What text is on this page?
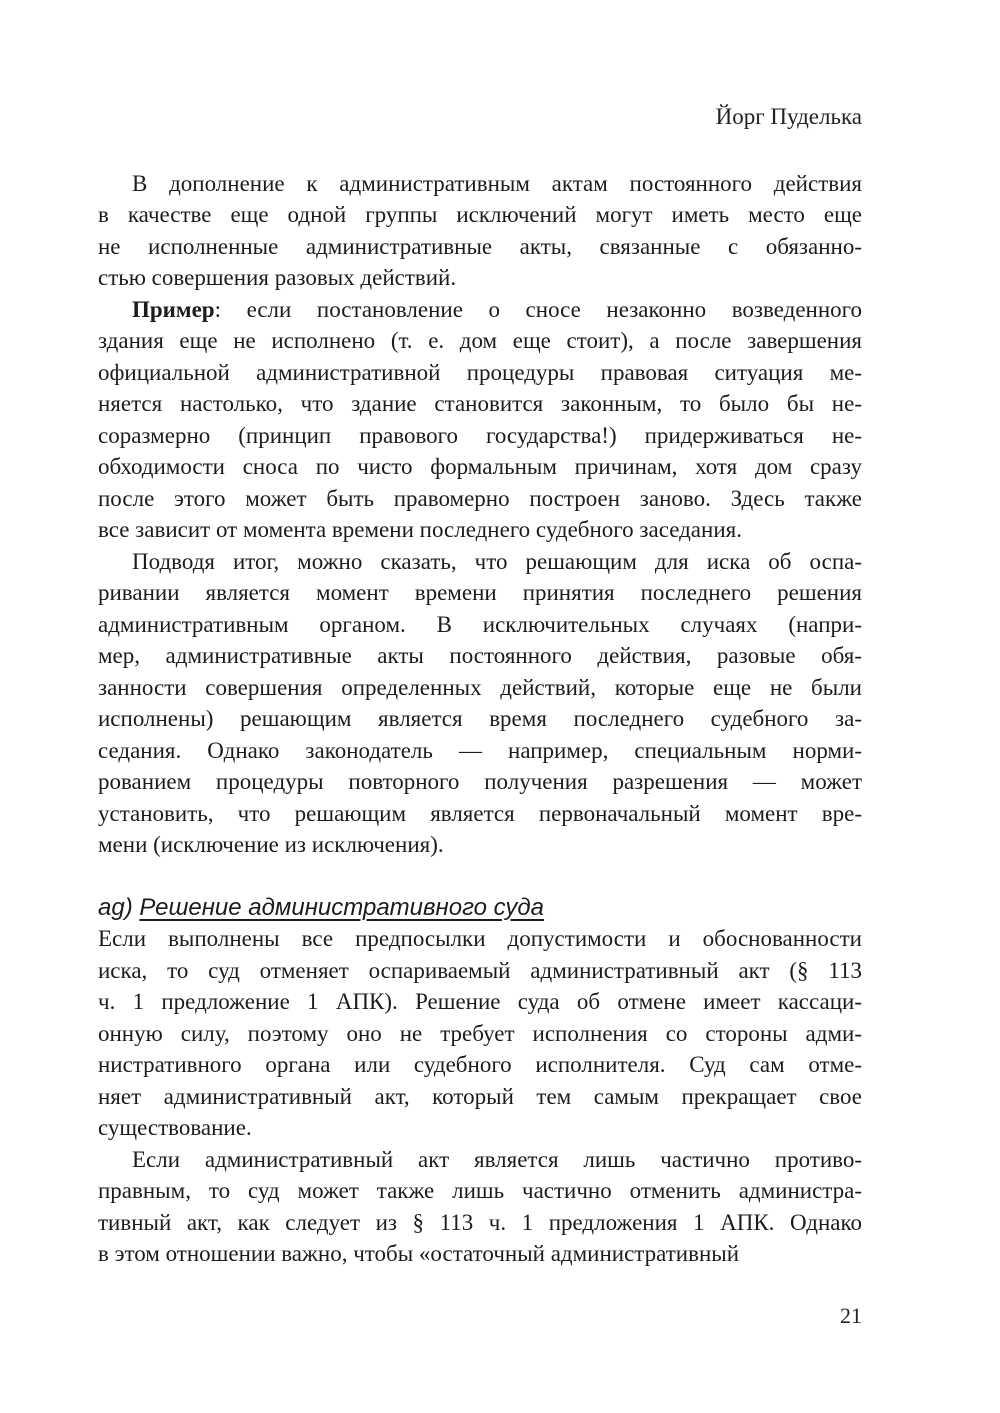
Йорг Пуделька

В дополнение к административным актам постоянного действия
в качестве еще одной группы исключений могут иметь место еще
не исполненные административные акты, связанные с обязанно-
стью совершения разовых действий.

Пример: если постановление о сносе незаконно возведенного
здания еще не исполнено (т. е. дом еще стоит), а после завершения
официальной административной процедуры правовая ситуация ме-
няется настолько, что здание становится законным, то было бы не-
соразмерно (принцип правового государства!) придерживаться не-
обходимости сноса по чисто формальным причинам, хотя дом сразу
после этого может быть правомерно построен заново. Здесь также
все зависит от момента времени последнего судебного заседания.

Подводя итог, можно сказать, что решающим для иска об оспа-
ривании является момент времени принятия последнего решения
административным органом. В исключительных случаях (напри-
мер, административные акты постоянного действия, разовые обя-
занности совершения определенных действий, которые еще не были
исполнены) решающим является время последнего судебного за-
седания. Однако законодатель — например, специальным норми-
рованием процедуры повторного получения разрешения — может
установить, что решающим является первоначальный момент вре-
мени (исключение из исключения).

ag) Решение административного суда

Если выполнены все предпосылки допустимости и обоснованности
иска, то суд отменяет оспариваемый административный акт (§ 113
ч. 1 предложение 1 АПК). Решение суда об отмене имеет кассаци-
онную силу, поэтому оно не требует исполнения со стороны адми-
нистративного органа или судебного исполнителя. Суд сам отме-
няет административный акт, который тем самым прекращает свое
существование.

Если административный акт является лишь частично противо-
правным, то суд может также лишь частично отменить администра-
тивный акт, как следует из § 113 ч. 1 предложения 1 АПК. Однако
в этом отношении важно, чтобы «остаточный административный

21
